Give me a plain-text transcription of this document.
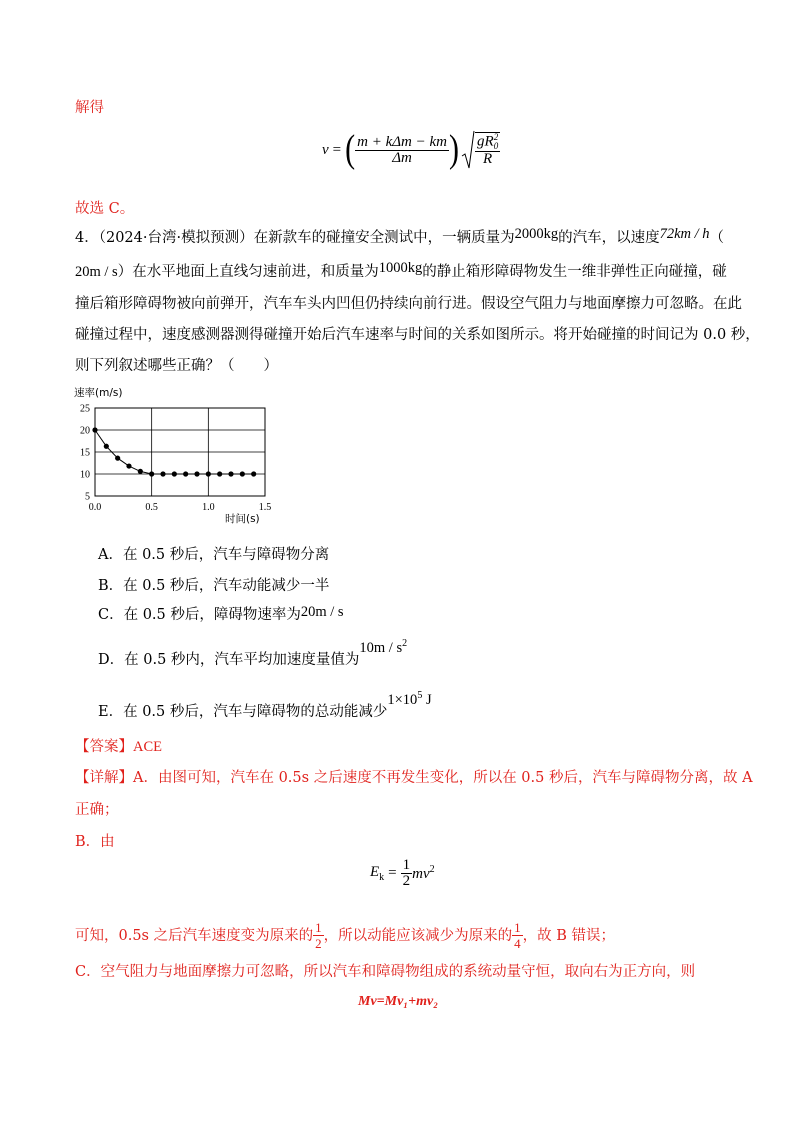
解得
v = ( $\frac{\text{m + kΔm − km}}{\Delta m}$ ) gR 2
0
R
故选 C。
4．（2024·台湾·模拟预测）在新款车的碰撞安全测试中，一辆质量为2000kg的汽车，以速度72km / h（
20m / s）在水平地面上直线匀速前进，和质量为1000kg的静止箱形障碍物发生一维非弹性正向碰撞，碰
撞后箱形障碍物被向前弹开，汽车车头内凹但仍持续向前行进。假设空气阻力与地面摩擦力可忽略。在此
碰撞过程中，速度感测器测得碰撞开始后汽车速率与时间的关系如图所示。将开始碰撞的时间记为 0.0 秒，
则下列叙述哪些正确？（　　）
5
10
15
20
25
0.0	0.5	1.0	1.5
速率(m/s)
时间(s)
A．在 0.5 秒后，汽车与障碍物分离
B．在 0.5 秒后，汽车动能减少一半
C．在 0.5 秒后，障碍物速率为20m / s
D．在 0.5 秒内，汽车平均加速度量值为$10m / s^2$
E．在 0.5 秒后，汽车与障碍物的总动能减少$1\times 10^5$ J
【答案】ACE
【详解】A．由图可知，汽车在 0.5s 之后速度不再发生变化，所以在 0.5 秒后，汽车与障碍物分离，故 A
正确；
B．由
$E_k = \frac{1}{2} mv^2$
可知，0.5s 之后汽车速度变为原来的 $\frac{1}{2}$ ，所以动能应该减少为原来的 $\frac{1}{4}$ ，故 B 错误；
C．空气阻力与地面摩擦力可忽略，所以汽车和障碍物组成的系统动量守恒，取向右为正方向，则
Mv=Mv₁+mv₂
